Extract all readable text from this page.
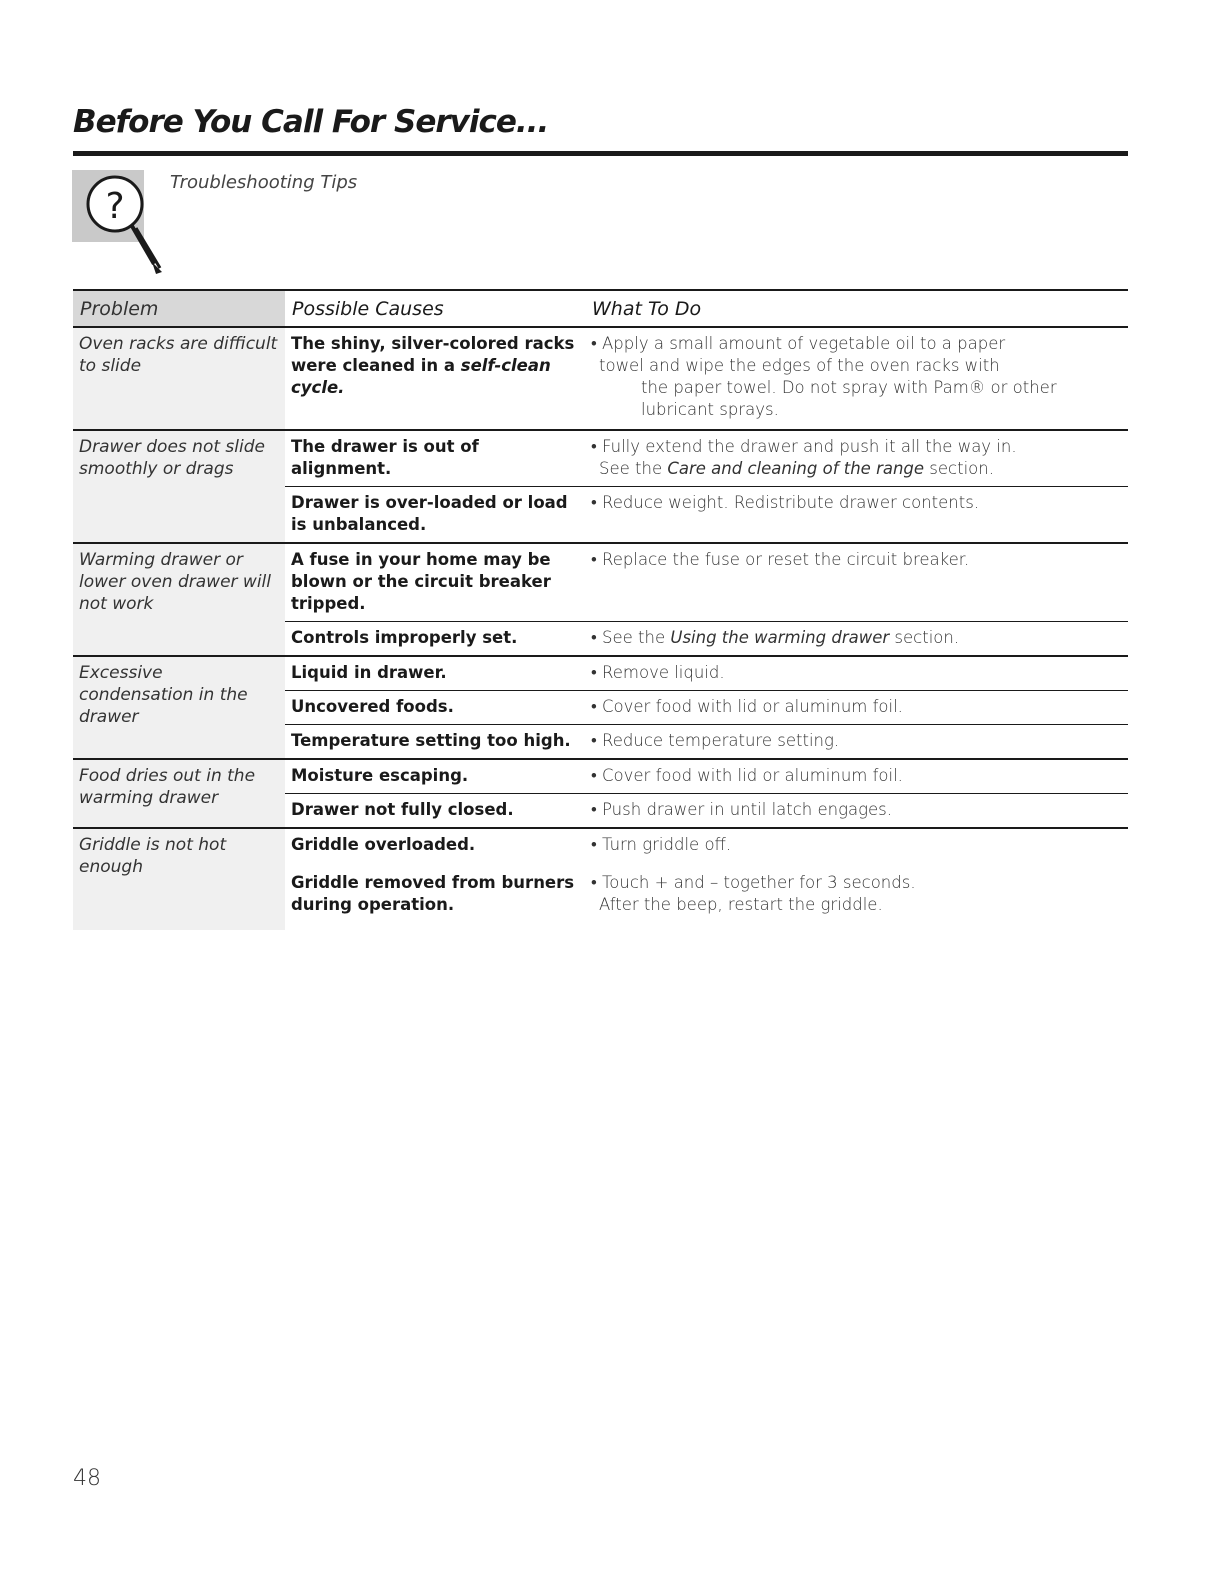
Before You Call For Service...
?
Troubleshooting Tips
Problem	Possible Causes	What To Do
Oven racks are difficult to slide	The shiny, silver-colored racks were cleaned in a self-clean cycle.	• Apply a small amount of vegetable oil to a paper
towel and wipe the edges of the oven racks with
the paper towel. Do not spray with Pam® or other
lubricant sprays.

Drawer does not slide smoothly or drags	The drawer is out of alignment.	• Fully extend the drawer and push it all the way in.
See the Care and cleaning of the range section.

	Drawer is over-loaded or load is unbalanced.	• Reduce weight. Redistribute drawer contents.
Warming drawer or lower oven drawer will not work	A fuse in your home may be blown or the circuit breaker tripped.	• Replace the fuse or reset the circuit breaker.
	Controls improperly set.	• See the Using the warming drawer section.
Excessive condensation in the drawer	Liquid in drawer.	• Remove liquid.
	Uncovered foods.	• Cover food with lid or aluminum foil.
	Temperature setting too high.	• Reduce temperature setting.
Food dries out in the warming drawer	Moisture escaping.	• Cover food with lid or aluminum foil.
	Drawer not fully closed.	• Push drawer in until latch engages.
Griddle is not hot enough	Griddle overloaded.	• Turn griddle off.
	Griddle removed from burners during operation.	• Touch + and – together for 3 seconds.
After the beep, restart the griddle.
48
